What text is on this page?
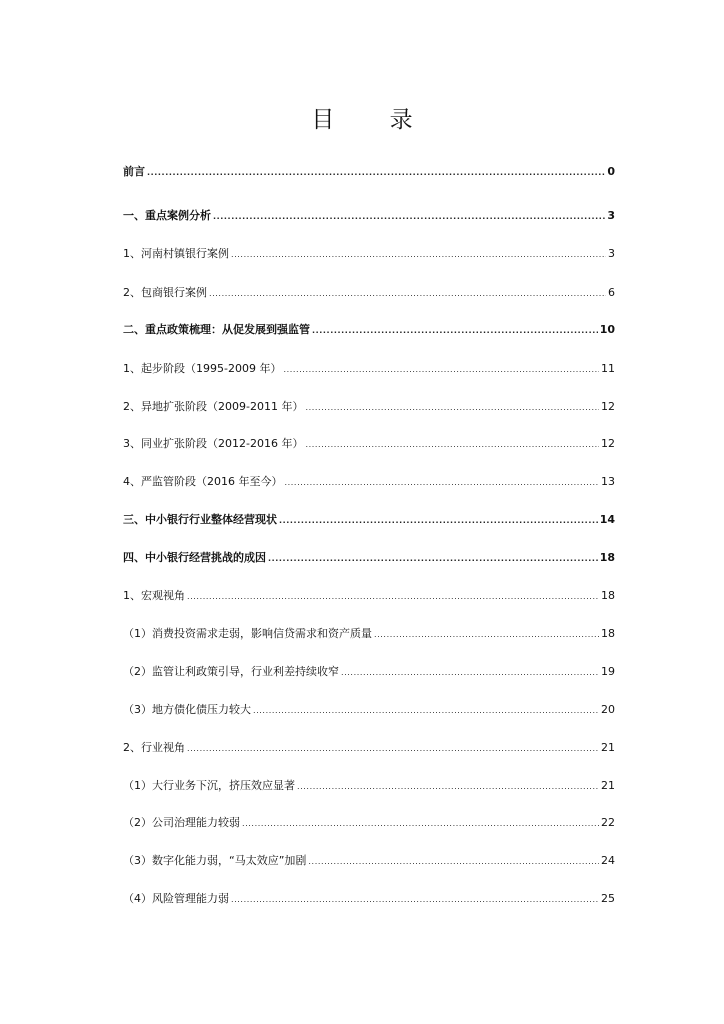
目 录
前言 .....	0
一、重点案例分析 .....	3
1、河南村镇银行案例 .....	3
2、包商银行案例 .....	6
二、重点政策梳理：从促发展到强监管 .....	10
1、起步阶段（1995-2009 年） .....	11
2、异地扩张阶段（2009-2011 年） .....	12
3、同业扩张阶段（2012-2016 年） .....	12
4、严监管阶段（2016 年至今） .....	13
三、中小银行行业整体经营现状 .....	14
四、中小银行经营挑战的成因 .....	18
1、宏观视角 .....	18
（1）消费投资需求走弱，影响信贷需求和资产质量 .....	18
（2）监管让利政策引导，行业利差持续收窄 .....	19
（3）地方债化债压力较大 .....	20
2、行业视角 .....	21
（1）大行业务下沉，挤压效应显著 .....	21
（2）公司治理能力较弱 .....	22
（3）数字化能力弱，“马太效应”加剧 .....	24
（4）风险管理能力弱 .....	25
